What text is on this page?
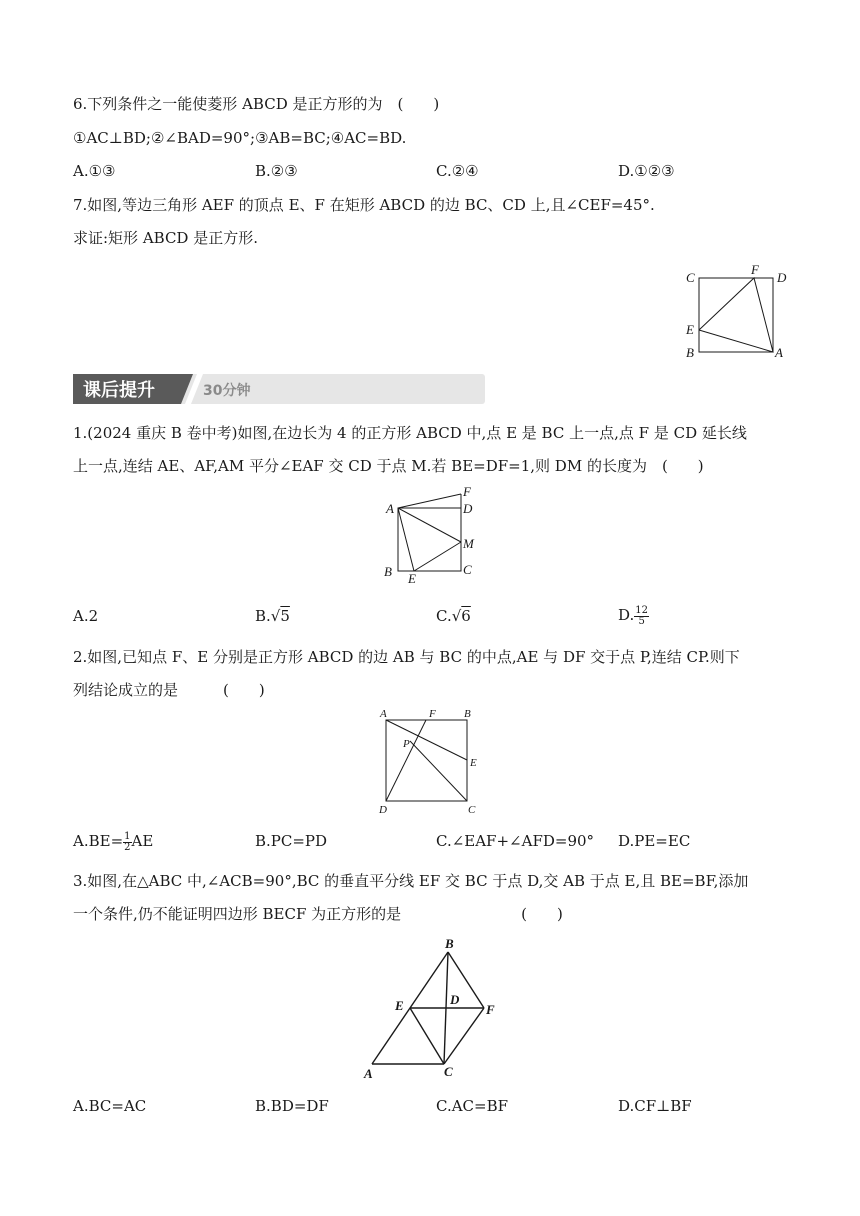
6.下列条件之一能使菱形 ABCD 是正方形的为　(　　)
①AC⊥BD;②∠BAD=90°;③AB=BC;④AC=BD.
A.①③	B.②③	C.②④	D.①②③
7.如图,等边三角形 AEF 的顶点 E、F 在矩形 ABCD 的边 BC、CD 上,且∠CEF=45°.
求证:矩形 ABCD 是正方形.
C
F
D
E
B	A
课后提升	30分钟
1.(2024 重庆 B 卷中考)如图,在边长为 4 的正方形 ABCD 中,点 E 是 BC 上一点,点 F 是 CD 延长线
上一点,连结 AE、AF,AM 平分∠EAF 交 CD 于点 M.若 BE=DF=1,则 DM 的长度为　(　　)
F
A	D
M
B E
C
A.2	B.√5	C.√6	D. $\frac{12}{5}$
2.如图,已知点 F、E 分别是正方形 ABCD 的边 AB 与 BC 的中点,AE 与 DF 交于点 P,连结 CP.则下
列结论成立的是　　　(　　)
A	F	B
P
E
D	C
$A.BE= \frac{1}{2}$ AE	B.PC=PD	C.∠EAF+∠AFD=90° D.PE=EC
3.如图,在△ABC 中,∠ACB=90°,BC 的垂直平分线 EF 交 BC 于点 D,交 AB 于点 E,且 BE=BF,添加
一个条件,仍不能证明四边形 BECF 为正方形的是　　　　　　　　(　　)
B
E	D
F
A	C
A.BC=AC	B.BD=DF	C.AC=BF	D.CF⊥BF
